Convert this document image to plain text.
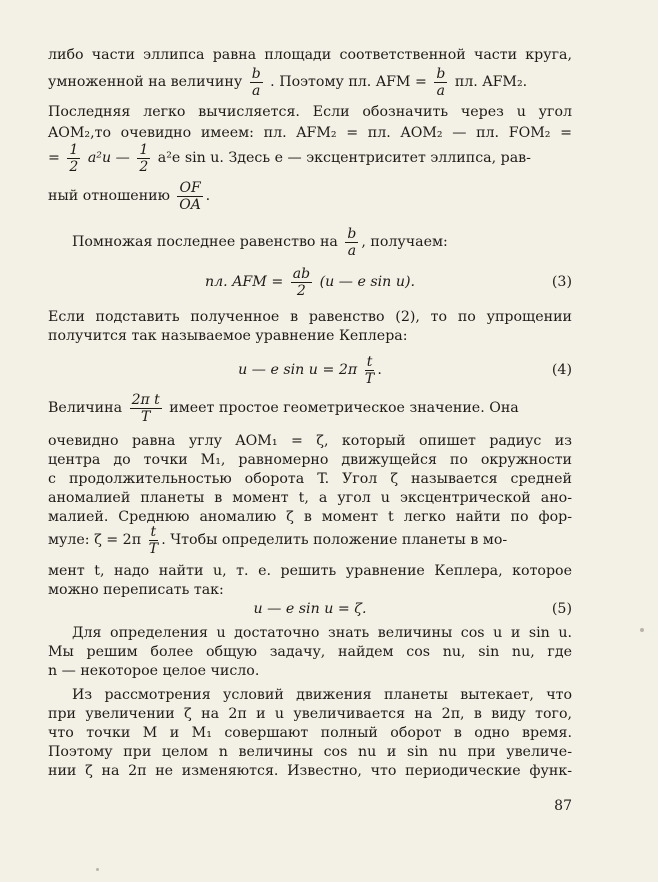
либо части эллипса равна площади соответственной части круга,
умноженной на величину $\frac{b}{a}$ . Поэтому пл. AFM = $\frac{b}{a}$ пл. AFM₂.
Последняя легко вычисляется. Если обозначить через u угол
AOM₂,то очевидно имеем: пл. AFM₂ = пл. AOM₂ — пл. FOM₂ =
= $\frac{1}{2} a^2u$ — $\frac{1}{2} a^2e$ sin u. Здесь e — эксцентриситет эллипса, рав-
ный отношению $\frac{OF}{OA}$ .
Помножая последнее равенство на $\frac{b}{a}$ , получаем:
пл. AFM = $\frac{ab}{2} (u$ — e sin u).	(3)
Если подставить полученное в равенство (2), то по упрощении
получится так называемое уравнение Кеплера:
u — e $\sin u = 2\pi \frac{t}{T}$ .	(4)
Величина $\frac{\text{2π t}}{T}$ имеет простое геометрическое значение. Она
очевидно равна углу AOM₁ = ζ, который опишет радиус из
центра до точки M₁, равномерно движущейся по окружности
с продолжительностью оборота T. Угол ζ называется средней
аномалией планеты в момент t, а угол u эксцентрической ано-
малией. Среднюю аномалию ζ в момент t легко найти по фор-
муле: $\zeta = 2\pi \frac{t}{T}$ . Чтобы определить положение планеты в мо-
мент t, надо найти u, т. е. решить уравнение Кеплера, которое
можно переписать так:
u — e sin u = ζ.	(5)
Для определения u достаточно знать величины cos u и sin u.
Мы решим более общую задачу, найдем cos nu, sin nu, где
n — некоторое целое число.
Из рассмотрения условий движения планеты вытекает, что
при увеличении ζ на 2π и u увеличивается на 2π, в виду того,
что точки M и M₁ совершают полный оборот в одно время.
Поэтому при целом n величины cos nu и sin nu при увеличе-
нии ζ на 2π не изменяются. Известно, что периодические функ-
87
